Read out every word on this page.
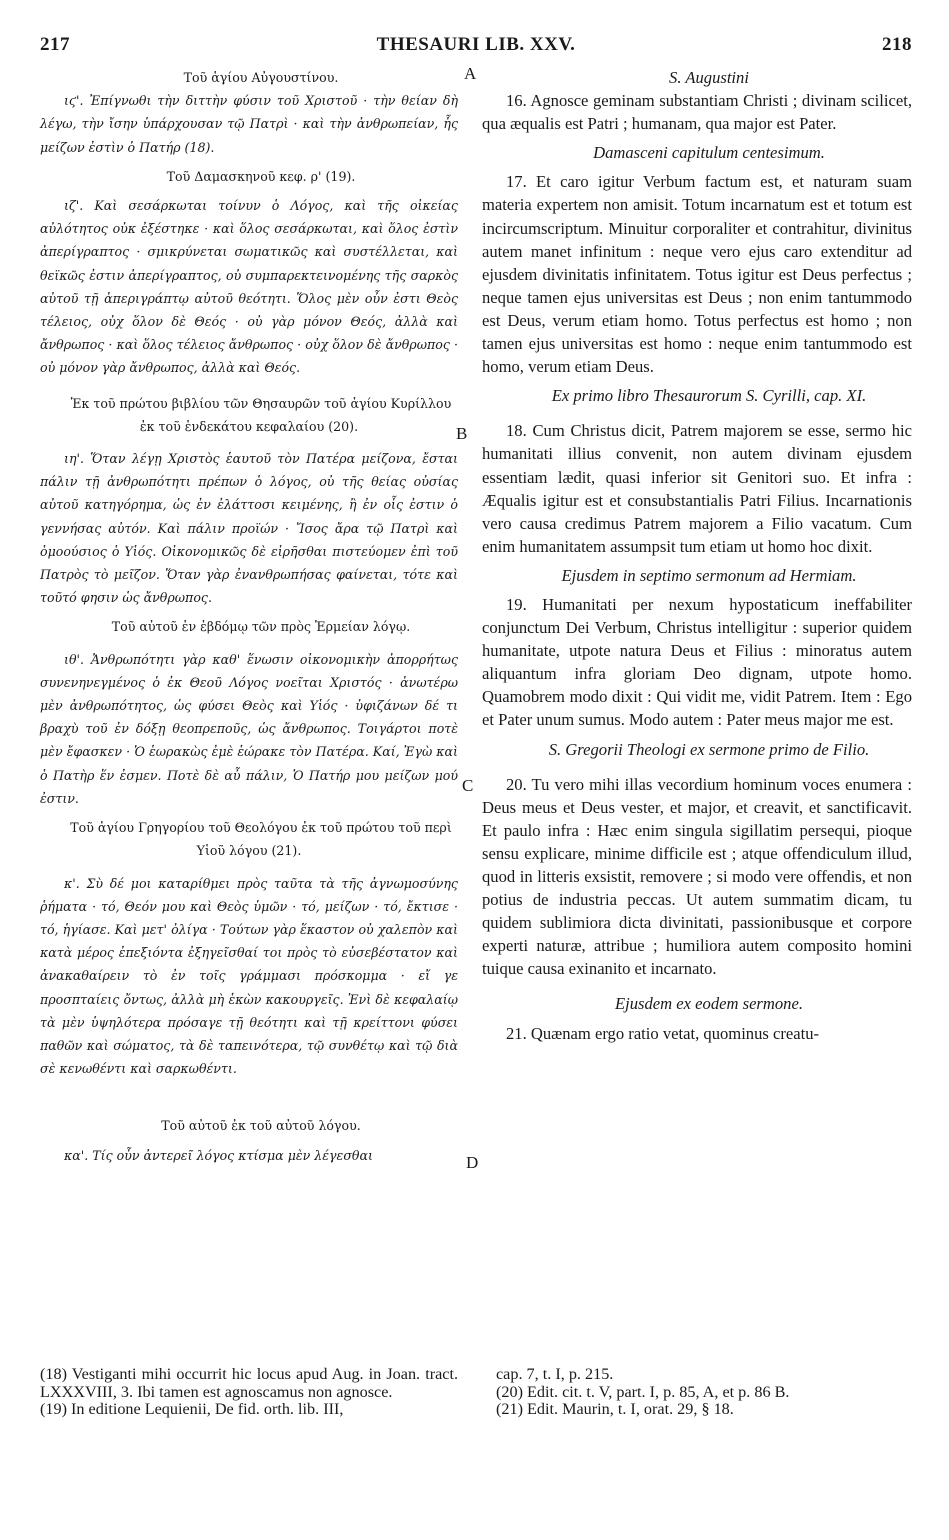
217	THESAURI LIB. XXV.	218
A
B
C
D

Τοῦ ἁγίου Αὐγουστίνου.

ιϛ'. Ἐπίγνωθι τὴν διττὴν φύσιν τοῦ Χριστοῦ · τὴν θείαν δὴ λέγω, τὴν ἴσην ὑπάρχουσαν τῷ Πατρὶ · καὶ τὴν ἀνθρωπείαν, ἧς μείζων ἐστὶν ὁ Πατήρ (18).

Τοῦ Δαμασκηνοῦ κεφ. ρ' (19).

ιζ'. Καὶ σεσάρκωται τοίνυν ὁ Λόγος, καὶ τῆς οἰκείας αὐλότητος οὐκ ἐξέστηκε · καὶ ὅλος σεσάρκωται, καὶ ὅλος ἐστὶν ἀπερίγραπτος · σμικρύνεται σωματικῶς καὶ συστέλλεται, καὶ θεϊκῶς ἐστιν ἀπερίγραπτος, οὐ συμπαρεκτεινομένης τῆς σαρκὸς αὐτοῦ τῇ ἀπεριγράπτῳ αὐτοῦ θεότητι. Ὅλος μὲν οὖν ἐστι Θεὸς τέλειος, οὐχ ὅλον δὲ Θεός · οὐ γὰρ μόνον Θεός, ἀλλὰ καὶ ἄνθρωπος · καὶ ὅλος τέλειος ἄνθρωπος · οὐχ ὅλον δὲ ἄνθρωπος · οὐ μόνον γὰρ ἄνθρωπος, ἀλλὰ καὶ Θεός.

Ἐκ τοῦ πρώτου βιβλίου τῶν Θησαυρῶν τοῦ ἁγίου Κυρίλλου ἐκ τοῦ ἑνδεκάτου κεφαλαίου (20).

ιη'. Ὅταν λέγῃ Χριστὸς ἑαυτοῦ τὸν Πατέρα μείζονα, ἔσται πάλιν τῇ ἀνθρωπότητι πρέπων ὁ λόγος, οὐ τῆς θείας οὐσίας αὐτοῦ κατηγόρημα, ὡς ἐν ἐλάττοσι κειμένης, ἢ ἐν οἷς ἐστιν ὁ γεννήσας αὐτόν. Καὶ πάλιν προϊών · Ἴσος ἄρα τῷ Πατρὶ καὶ ὁμοούσιος ὁ Υἱός. Οἰκονομικῶς δὲ εἰρῆσθαι πιστεύομεν ἐπὶ τοῦ Πατρὸς τὸ μεῖζον. Ὅταν γὰρ ἐνανθρωπήσας φαίνεται, τότε καὶ τοῦτό φησιν ὡς ἄνθρωπος.

Τοῦ αὐτοῦ ἐν ἑβδόμῳ τῶν πρὸς Ἑρμείαν λόγῳ.

ιθ'. Ἀνθρωπότητι γὰρ καθ' ἕνωσιν οἰκονομικὴν ἀπορρήτως συνενηνεγμένος ὁ ἐκ Θεοῦ Λόγος νοεῖται Χριστός · ἀνωτέρω μὲν ἀνθρωπότητος, ὡς φύσει Θεὸς καὶ Υἱός · ὑφιζάνων δέ τι βραχὺ τοῦ ἐν δόξῃ θεοπρεποῦς, ὡς ἄνθρωπος. Τοιγάρτοι ποτὲ μὲν ἔφασκεν · Ὁ ἑωρακὼς ἐμὲ ἑώρακε τὸν Πατέρα. Καί, Ἐγὼ καὶ ὁ Πατὴρ ἕν ἐσμεν. Ποτὲ δὲ αὖ πάλιν, Ὁ Πατήρ μου μείζων μού ἐστιν.

Τοῦ ἁγίου Γρηγορίου τοῦ Θεολόγου ἐκ τοῦ πρώτου τοῦ περὶ Υἱοῦ λόγου (21).

κ'. Σὺ δέ μοι καταρίθμει πρὸς ταῦτα τὰ τῆς ἀγνωμοσύνης ῥήματα · τό, Θεόν μου καὶ Θεὸς ὑμῶν · τό, μείζων · τό, ἔκτισε · τό, ἡγίασε. Καὶ μετ' ὀλίγα · Τούτων γὰρ ἕκαστον οὐ χαλεπὸν καὶ κατὰ μέρος ἐπεξιόντα ἐξηγεῖσθαί τοι πρὸς τὸ εὐσεβέστατον καὶ ἀνακαθαίρειν τὸ ἐν τοῖς γράμμασι πρόσκομμα · εἴ γε προσπταίεις ὄντως, ἀλλὰ μὴ ἑκὼν κακουργεῖς. Ἐνὶ δὲ κεφαλαίῳ τὰ μὲν ὑψηλότερα πρόσαγε τῇ θεότητι καὶ τῇ κρείττονι φύσει παθῶν καὶ σώματος, τὰ δὲ ταπεινότερα, τῷ συνθέτῳ καὶ τῷ διὰ σὲ κενωθέντι καὶ σαρκωθέντι.

Τοῦ αὐτοῦ ἐκ τοῦ αὐτοῦ λόγου.

κα'. Τίς οὖν ἀντερεῖ λόγος κτίσμα μὲν λέγεσθαι

S. Augustini

16. Agnosce geminam substantiam Christi ; divinam scilicet, qua æqualis est Patri ; humanam, qua major est Pater.

Damasceni capitulum centesimum.

17. Et caro igitur Verbum factum est, et naturam suam materia expertem non amisit. Totum incarnatum est et totum est incircumscriptum. Minuitur corporaliter et contrahitur, divinitus autem manet infinitum : neque vero ejus caro extenditur ad ejusdem divinitatis infinitatem. Totus igitur est Deus perfectus ; neque tamen ejus universitas est Deus ; non enim tantummodo est Deus, verum etiam homo. Totus perfectus est homo ; non tamen ejus universitas est homo : neque enim tantummodo est homo, verum etiam Deus.

Ex primo libro Thesaurorum S. Cyrilli, cap. XI.

18. Cum Christus dicit, Patrem majorem se esse, sermo hic humanitati illius convenit, non autem divinam ejusdem essentiam lædit, quasi inferior sit Genitori suo. Et infra : Æqualis igitur est et consubstantialis Patri Filius. Incarnationis vero causa credimus Patrem majorem a Filio vacatum. Cum enim humanitatem assumpsit tum etiam ut homo hoc dixit.

Ejusdem in septimo sermonum ad Hermiam.

19. Humanitati per nexum hypostaticum ineffabiliter conjunctum Dei Verbum, Christus intelligitur : superior quidem humanitate, utpote natura Deus et Filius : minoratus autem aliquantum infra gloriam Deo dignam, utpote homo. Quamobrem modo dixit : Qui vidit me, vidit Patrem. Item : Ego et Pater unum sumus. Modo autem : Pater meus major me est.

S. Gregorii Theologi ex sermone primo de Filio.

20. Tu vero mihi illas vecordium hominum voces enumera : Deus meus et Deus vester, et major, et creavit, et sanctificavit. Et paulo infra : Hæc enim singula sigillatim persequi, pioque sensu explicare, minime difficile est ; atque offendiculum illud, quod in litteris exsistit, removere ; si modo vere offendis, et non potius de industria peccas. Ut autem summatim dicam, tu quidem sublimiora dicta divinitati, passionibusque et corpore experti naturæ, attribue ; humiliora autem composito homini tuique causa exinanito et incarnato.

Ejusdem ex eodem sermone.

21. Quænam ergo ratio vetat, quominus creatu-

(18) Vestiganti mihi occurrit hic locus apud Aug. in Joan. tract. LXXXVIII, 3. Ibi tamen est agnoscamus non agnosce.

(19) In editione Lequienii, De fid. orth. lib. III,

cap. 7, t. I, p. 215.

(20) Edit. cit. t. V, part. I, p. 85, A, et p. 86 B.

(21) Edit. Maurin, t. I, orat. 29, § 18.
